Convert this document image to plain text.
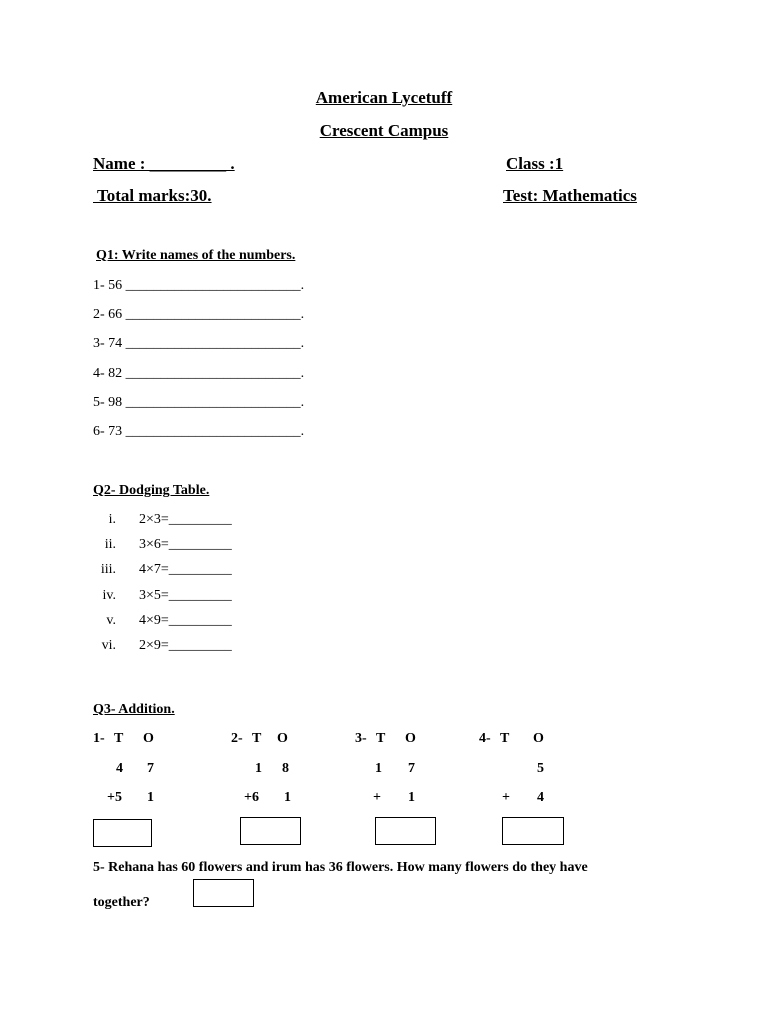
American Lycetuff
Crescent Campus
Name : _________ .	Class :1
Total marks:30.	Test: Mathematics
Q1: Write names of the numbers.
1- 56 _________________________.
2- 66 _________________________.
3- 74 _________________________.
4- 82 _________________________.
5- 98 _________________________.
6- 73 _________________________.
Q2- Dodging Table.
i. 2×3=_________
ii. 3×6=_________
iii. 4×7=_________
iv. 3×5=_________
v. 4×9=_________
vi. 2×9=_________
Q3- Addition.
1- T O
4 7
+5 1
2- T O
1 8
+6 1
3- T O
1 7
+ 1
4- T O
5
+ 4
5- Rehana has 60 flowers and irum has 36 flowers. How many flowers do they have
together?
